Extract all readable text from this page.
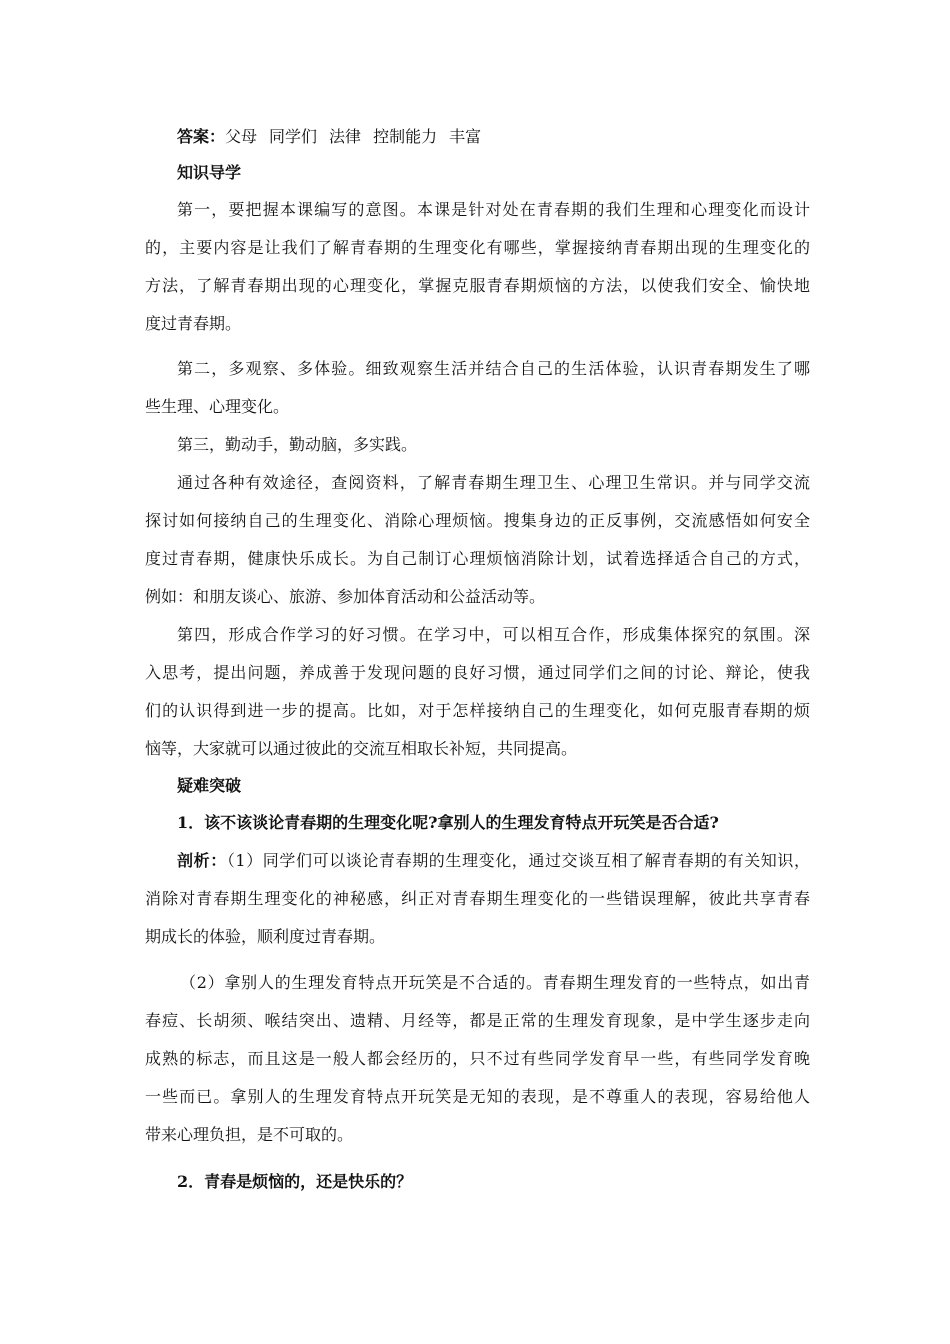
答案：父母 同学们 法律 控制能力 丰富
知识导学
第一，要把握本课编写的意图。本课是针对处在青春期的我们生理和心理变化而设计
的，主要内容是让我们了解青春期的生理变化有哪些，掌握接纳青春期出现的生理变化的
方法，了解青春期出现的心理变化，掌握克服青春期烦恼的方法，以使我们安全、愉快地
度过青春期。
第二，多观察、多体验。细致观察生活并结合自己的生活体验，认识青春期发生了哪
些生理、心理变化。
第三，勤动手，勤动脑，多实践。
通过各种有效途径，查阅资料，了解青春期生理卫生、心理卫生常识。并与同学交流
探讨如何接纳自己的生理变化、消除心理烦恼。搜集身边的正反事例，交流感悟如何安全
度过青春期，健康快乐成长。为自己制订心理烦恼消除计划，试着选择适合自己的方式，
例如：和朋友谈心、旅游、参加体育活动和公益活动等。
第四，形成合作学习的好习惯。在学习中，可以相互合作，形成集体探究的氛围。深
入思考，提出问题，养成善于发现问题的良好习惯，通过同学们之间的讨论、辩论，使我
们的认识得到进一步的提高。比如，对于怎样接纳自己的生理变化，如何克服青春期的烦
恼等，大家就可以通过彼此的交流互相取长补短，共同提高。
疑难突破
1．该不该谈论青春期的生理变化呢?拿别人的生理发育特点开玩笑是否合适?
剖析：（1）同学们可以谈论青春期的生理变化，通过交谈互相了解青春期的有关知识，
消除对青春期生理变化的神秘感，纠正对青春期生理变化的一些错误理解，彼此共享青春
期成长的体验，顺利度过青春期。
（2）拿别人的生理发育特点开玩笑是不合适的。青春期生理发育的一些特点，如出青
春痘、长胡须、喉结突出、遗精、月经等，都是正常的生理发育现象，是中学生逐步走向
成熟的标志，而且这是一般人都会经历的，只不过有些同学发育早一些，有些同学发育晚
一些而已。拿别人的生理发育特点开玩笑是无知的表现，是不尊重人的表现，容易给他人
带来心理负担，是不可取的。
2．青春是烦恼的，还是快乐的？
